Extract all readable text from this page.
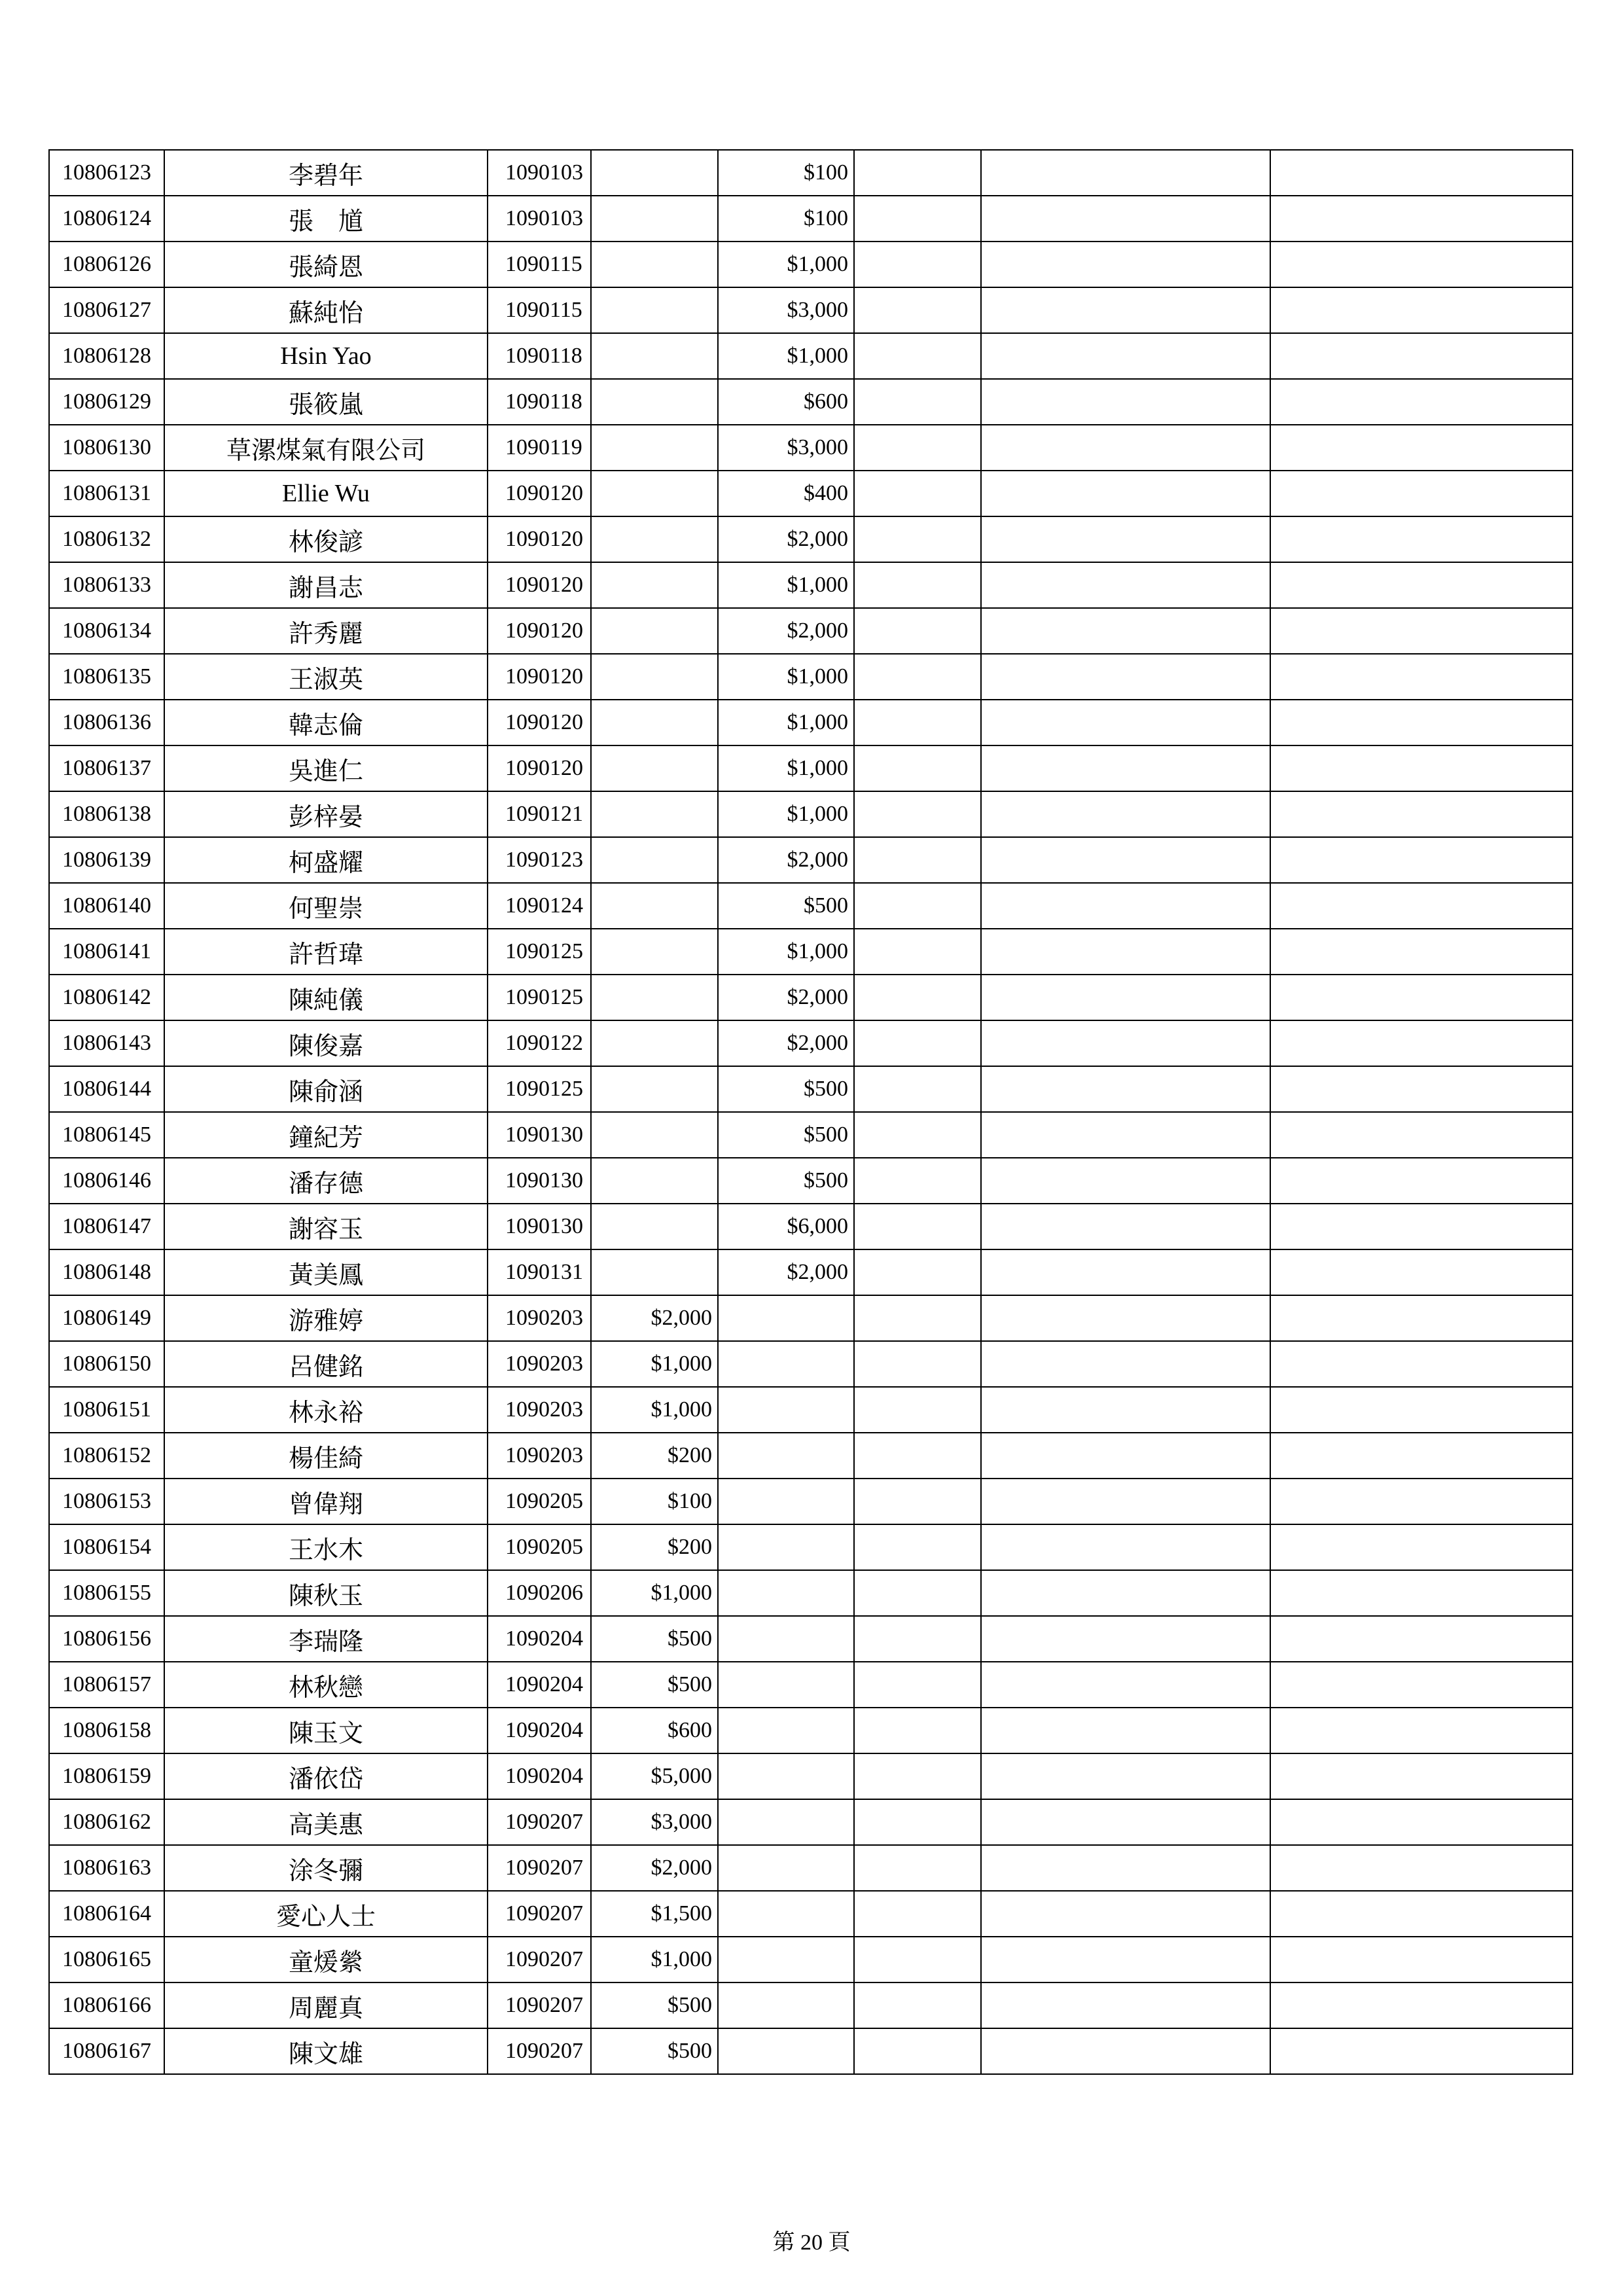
10806123	李碧年	1090103		$100			
10806124	張　馗	1090103		$100			
10806126	張綺恩	1090115		$1,000			
10806127	蘇純怡	1090115		$3,000			
10806128	Hsin Yao	1090118		$1,000			
10806129	張筱嵐	1090118		$600			
10806130	草漯煤氣有限公司	1090119		$3,000			
10806131	Ellie Wu	1090120		$400			
10806132	林俊諺	1090120		$2,000			
10806133	謝昌志	1090120		$1,000			
10806134	許秀麗	1090120		$2,000			
10806135	王淑英	1090120		$1,000			
10806136	韓志倫	1090120		$1,000			
10806137	吳進仁	1090120		$1,000			
10806138	彭梓晏	1090121		$1,000			
10806139	柯盛耀	1090123		$2,000			
10806140	何聖崇	1090124		$500			
10806141	許哲瑋	1090125		$1,000			
10806142	陳純儀	1090125		$2,000			
10806143	陳俊嘉	1090122		$2,000			
10806144	陳俞涵	1090125		$500			
10806145	鐘紀芳	1090130		$500			
10806146	潘存德	1090130		$500			
10806147	謝容玉	1090130		$6,000			
10806148	黃美鳳	1090131		$2,000			
10806149	游雅婷	1090203	$2,000				
10806150	呂健銘	1090203	$1,000				
10806151	林永裕	1090203	$1,000				
10806152	楊佳綺	1090203	$200				
10806153	曾偉翔	1090205	$100				
10806154	王水木	1090205	$200				
10806155	陳秋玉	1090206	$1,000				
10806156	李瑞隆	1090204	$500				
10806157	林秋戀	1090204	$500				
10806158	陳玉文	1090204	$600				
10806159	潘依岱	1090204	$5,000				
10806162	高美惠	1090207	$3,000				
10806163	涂冬彌	1090207	$2,000				
10806164	愛心人士	1090207	$1,500				
10806165	童煖縈	1090207	$1,000				
10806166	周麗真	1090207	$500				
10806167	陳文雄	1090207	$500				
第 20 頁
